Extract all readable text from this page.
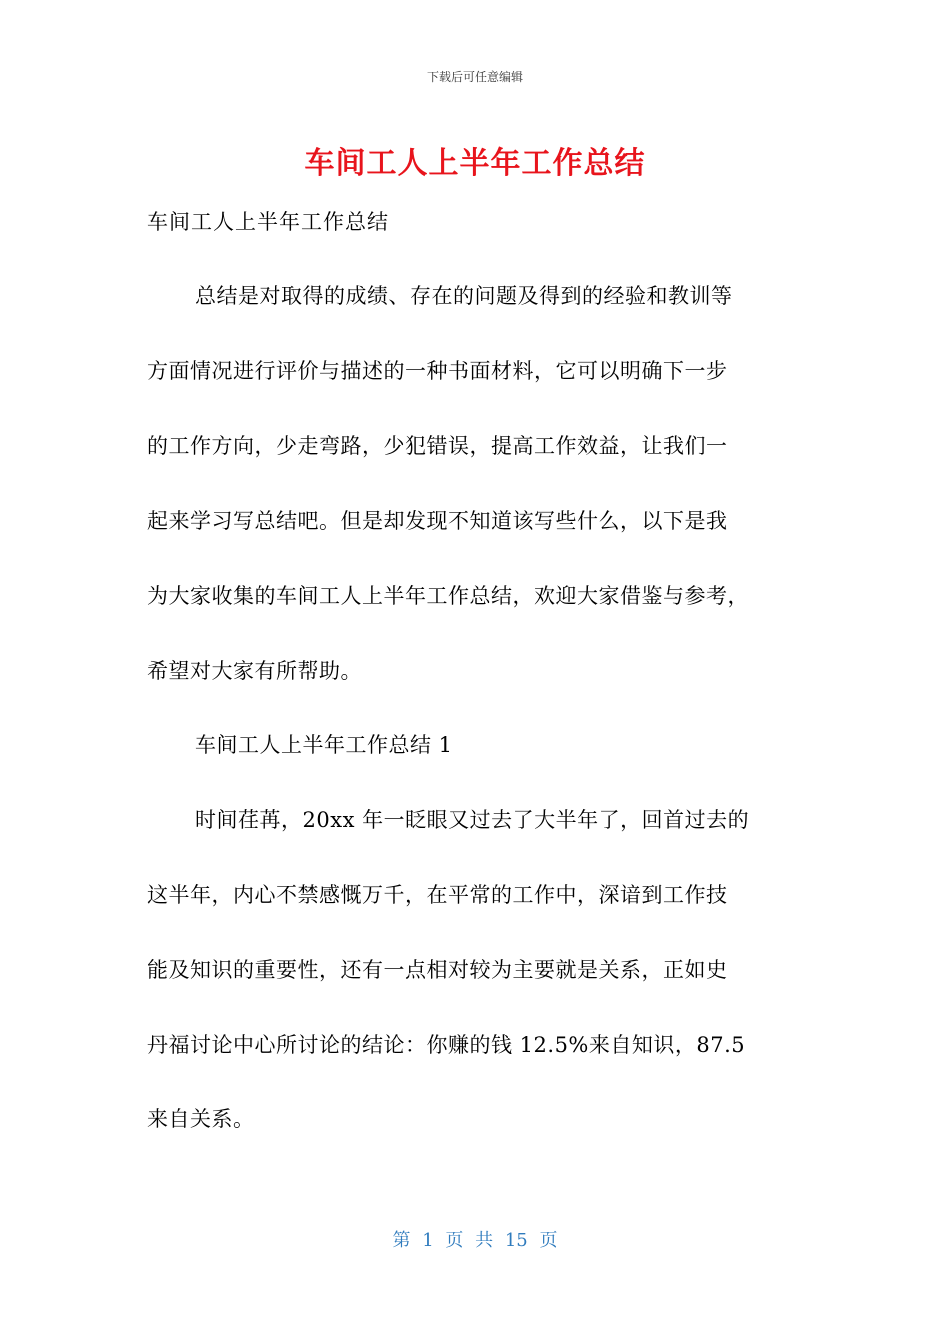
下载后可任意编辑
车间工人上半年工作总结
车间工人上半年工作总结
总结是对取得的成绩、存在的问题及得到的经验和教训等
方面情况进行评价与描述的一种书面材料，它可以明确下一步
的工作方向，少走弯路，少犯错误，提高工作效益，让我们一
起来学习写总结吧。但是却发现不知道该写些什么，以下是我
为大家收集的车间工人上半年工作总结，欢迎大家借鉴与参考，
希望对大家有所帮助。
车间工人上半年工作总结 1
时间荏苒，20xx 年一眨眼又过去了大半年了，回首过去的
这半年，内心不禁感慨万千，在平常的工作中，深谙到工作技
能及知识的重要性，还有一点相对较为主要就是关系，正如史
丹福讨论中心所讨论的结论：你赚的钱 12.5%来自知识，87.5
来自关系。
第 1 页 共 15 页
